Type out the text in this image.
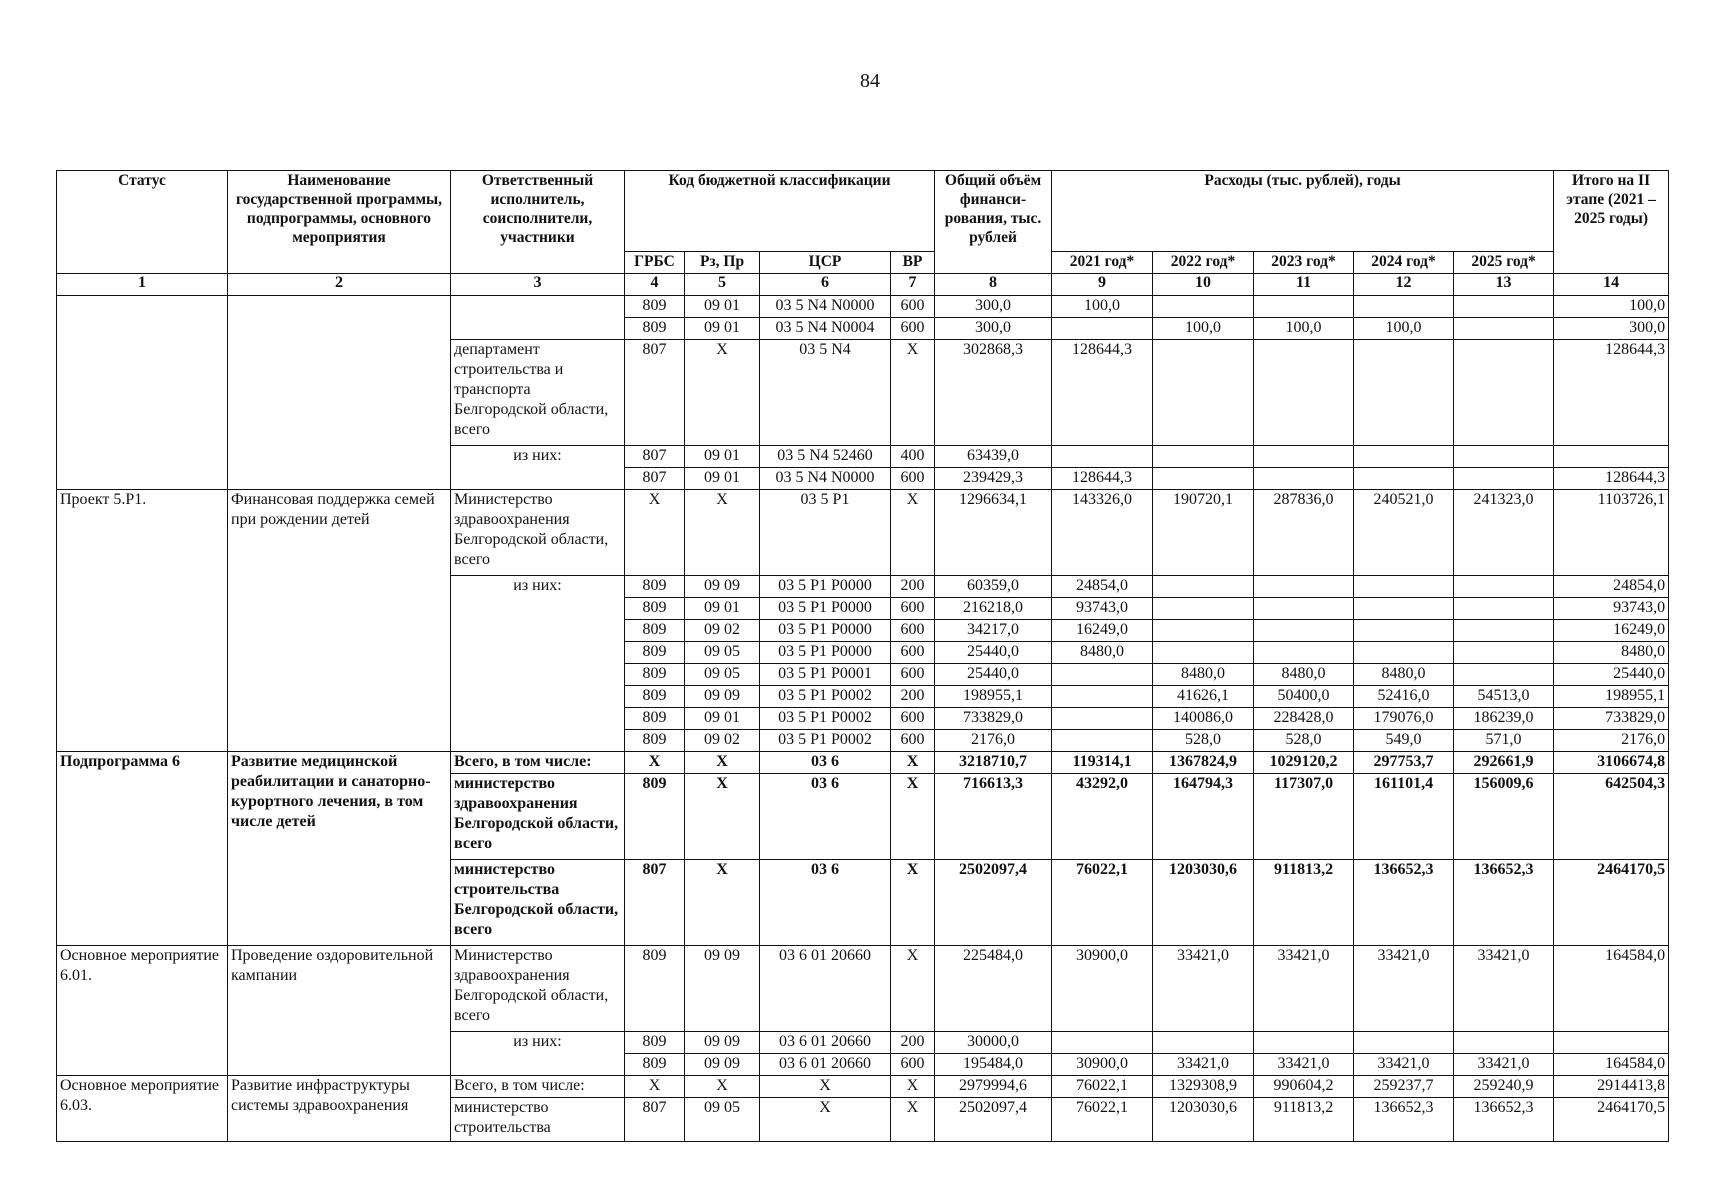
84
Статус	Наименование государственной программы, подпрограммы, основного мероприятия	Ответственный исполнитель, соисполнители, участники	Код бюджетной классификации				Общий объём финанси-рования, тыс. рублей	Расходы (тыс. рублей), годы					Итого на II этапе (2021 – 2025 годы)
			ГРБС	Рз, Пр	ЦСР	ВР		2021 год*	2022 год*	2023 год*	2024 год*	2025 год*	
1	2	3	4	5	6	7	8	9	10	11	12	13	14
			809	09 01	03 5 N4 N0000	600	300,0	100,0					100,0
			809	09 01	03 5 N4 N0004	600	300,0		100,0	100,0	100,0		300,0
		департамент строительства и транспорта Белгородской области, всего	807	Х	03 5 N4	Х	302868,3	128644,3					128644,3
		из них:	807	09 01	03 5 N4 52460	400	63439,0						
			807	09 01	03 5 N4 N0000	600	239429,3	128644,3					128644,3
Проект 5.Р1.	Финансовая поддержка семей при рождении детей	Министерство здравоохранения Белгородской области, всего	Х	Х	03 5 Р1	Х	1296634,1	143326,0	190720,1	287836,0	240521,0	241323,0	1103726,1
		из них:	809	09 09	03 5 Р1 Р0000	200	60359,0	24854,0					24854,0
			809	09 01	03 5 Р1 Р0000	600	216218,0	93743,0					93743,0
			809	09 02	03 5 Р1 Р0000	600	34217,0	16249,0					16249,0
			809	09 05	03 5 Р1 Р0000	600	25440,0	8480,0					8480,0
			809	09 05	03 5 Р1 Р0001	600	25440,0		8480,0	8480,0	8480,0		25440,0
			809	09 09	03 5 Р1 Р0002	200	198955,1		41626,1	50400,0	52416,0	54513,0	198955,1
			809	09 01	03 5 Р1 Р0002	600	733829,0		140086,0	228428,0	179076,0	186239,0	733829,0
			809	09 02	03 5 Р1 Р0002	600	2176,0		528,0	528,0	549,0	571,0	2176,0
Подпрограмма 6	Развитие медицинской реабилитации и санаторно-курортного лечения, в том числе детей	Всего, в том числе:	Х	Х	03 6	Х	3218710,7	119314,1	1367824,9	1029120,2	297753,7	292661,9	3106674,8
		министерство здравоохранения Белгородской области, всего	809	Х	03 6	Х	716613,3	43292,0	164794,3	117307,0	161101,4	156009,6	642504,3
		министерство строительства Белгородской области, всего	807	Х	03 6	Х	2502097,4	76022,1	1203030,6	911813,2	136652,3	136652,3	2464170,5
Основное мероприятие 6.01.	Проведение оздоровительной кампании	Министерство здравоохранения Белгородской области, всего	809	09 09	03 6 01 20660	Х	225484,0	30900,0	33421,0	33421,0	33421,0	33421,0	164584,0
		из них:	809	09 09	03 6 01 20660	200	30000,0						
			809	09 09	03 6 01 20660	600	195484,0	30900,0	33421,0	33421,0	33421,0	33421,0	164584,0
Основное мероприятие 6.03.	Развитие инфраструктуры системы здравоохранения	Всего, в том числе:	Х	Х	Х	Х	2979994,6	76022,1	1329308,9	990604,2	259237,7	259240,9	2914413,8
		министерство строительства	807	09 05	Х	Х	2502097,4	76022,1	1203030,6	911813,2	136652,3	136652,3	2464170,5
